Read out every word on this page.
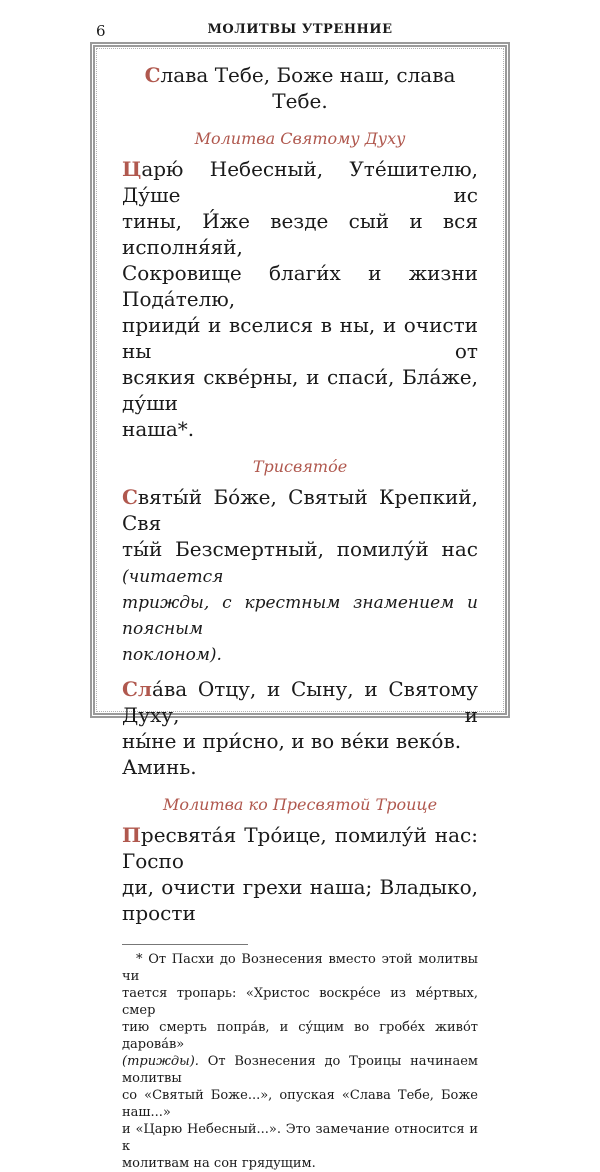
6	МОЛИТВЫ УТРЕННИЕ

Слава Тебе, Боже наш, слава Тебе.

Молитва Святому Духу

Царю́ Небесный, Уте́шителю, Ду́ше ис

тины, И́же везде сый и вся исполня́яй,

Сокровище благи́х и жизни Пода́телю,

прииди́ и вселися в ны, и очисти ны от

всякия скве́рны, и спаси́, Бла́же, ду́ши

наша*.

Трисвято́е

Святы́й Бо́же, Святый Крепкий, Свя

ты́й Безсмертный, помилу́й нас (читается

трижды, с крестным знамением и поясным

поклоном).

Сла́ва Отцу, и Сыну, и Святому Духу, и

ны́не и при́сно, и во ве́ки веко́в. Аминь.

Молитва ко Пресвятой Троице

Пресвята́я Тро́ице, помилу́й нас: Госпо

ди, очисти грехи наша; Владыко, прости

* От Пасхи до Вознесения вместо этой молитвы чи

тается тропарь: «Христос воскре́се из ме́ртвых, смер

тию смерть попра́в, и су́щим во гробе́х живо́т дарова́в»

(трижды). От Вознесения до Троицы начинаем молитвы

со «Святый Боже...», опуская «Слава Тебе, Боже наш...»

и «Царю Небесный...». Это замечание относится и к

молитвам на сон грядущим.
